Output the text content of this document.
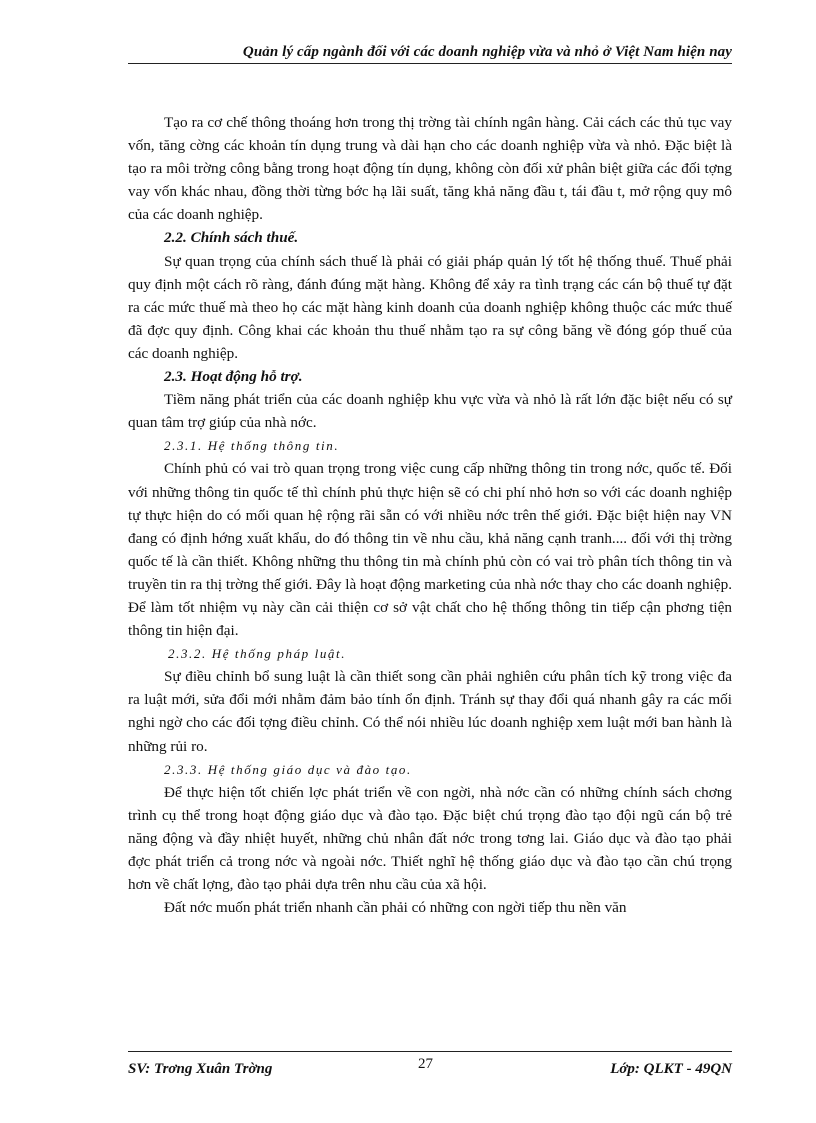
Quản lý cấp ngành đối với các doanh nghiệp vừa và nhỏ ở Việt Nam hiện nay

Tạo ra cơ chế thông thoáng hơn trong thị trờng tài chính ngân hàng. Cải cách các thủ tục vay vốn, tăng cờng các khoản tín dụng trung và dài hạn cho các doanh nghiệp vừa và nhỏ. Đặc biệt là tạo ra môi trờng công bằng trong hoạt động tín dụng, không còn đối xử phân biệt giữa các đối tợng vay vốn khác nhau, đồng thời từng bớc hạ lãi suất, tăng khả năng đầu t, tái đầu t, mở rộng quy mô của các doanh nghiệp.

2.2. Chính sách thuế.

Sự quan trọng của chính sách thuế là phải có giải pháp quản lý tốt hệ thống thuế. Thuế phải quy định một cách rõ ràng, đánh đúng mặt hàng. Không để xảy ra tình trạng các cán bộ thuế tự đặt ra các mức thuế mà theo họ các mặt hàng kinh doanh của doanh nghiệp không thuộc các mức thuế đã đợc quy định. Công khai các khoản thu thuế nhằm tạo ra sự công băng về đóng góp thuế của các doanh nghiệp.

2.3. Hoạt động hỗ trợ.

Tiềm năng phát triển của các doanh nghiệp khu vực vừa và nhỏ là rất lớn đặc biệt nếu có sự quan tâm trợ giúp của nhà nớc.

2.3.1. Hệ thống thông tin.

Chính phủ có vai trò quan trọng trong việc cung cấp những thông tin trong nớc, quốc tế. Đối với những thông tin quốc tế thì chính phủ thực hiện sẽ có chi phí nhỏ hơn so với các doanh nghiệp tự thực hiện do có mối quan hệ rộng rãi sẵn có với nhiều nớc trên thế giới. Đặc biệt hiện nay VN đang có định hớng xuất khẩu, do đó thông tin về nhu cầu, khả năng cạnh tranh.... đối với thị trờng quốc tế là cần thiết. Không những thu thông tin mà chính phủ còn có vai trò phân tích thông tin và truyền tin ra thị trờng thế giới. Đây là hoạt động marketing của nhà nớc thay cho các doanh nghiệp. Để làm tốt nhiệm vụ này cần cải thiện cơ sở vật chất cho hệ thống thông tin tiếp cận phơng tiện thông tin hiện đại.

2.3.2. Hệ thống pháp luật.

Sự điều chỉnh bổ sung luật là cần thiết song cần phải nghiên cứu phân tích kỹ trong việc đa ra luật mới, sửa đổi mới nhằm đảm bảo tính ổn định. Tránh sự thay đổi quá nhanh gây ra các mối nghi ngờ cho các đối tợng điều chỉnh. Có thể nói nhiều lúc doanh nghiệp xem luật mới ban hành là những rủi ro.

2.3.3. Hệ thống giáo dục và đào tạo.

Để thực hiện tốt chiến lợc phát triển về con ngời, nhà nớc cần có những chính sách chơng trình cụ thể trong hoạt động giáo dục và đào tạo. Đặc biệt chú trọng đào tạo đội ngũ cán bộ trẻ năng động và đầy nhiệt huyết, những chủ nhân đất nớc trong tơng lai. Giáo dục và đào tạo phải đợc phát triển cả trong nớc và ngoài nớc. Thiết nghĩ hệ thống giáo dục và đào tạo cần chú trọng hơn về chất lợng, đào tạo phải dựa trên nhu cầu của xã hội.

Đất nớc muốn phát triển nhanh cần phải có những con ngời tiếp thu nền văn

SV: Trơng Xuân Trờng	27	Lớp: QLKT - 49QN
